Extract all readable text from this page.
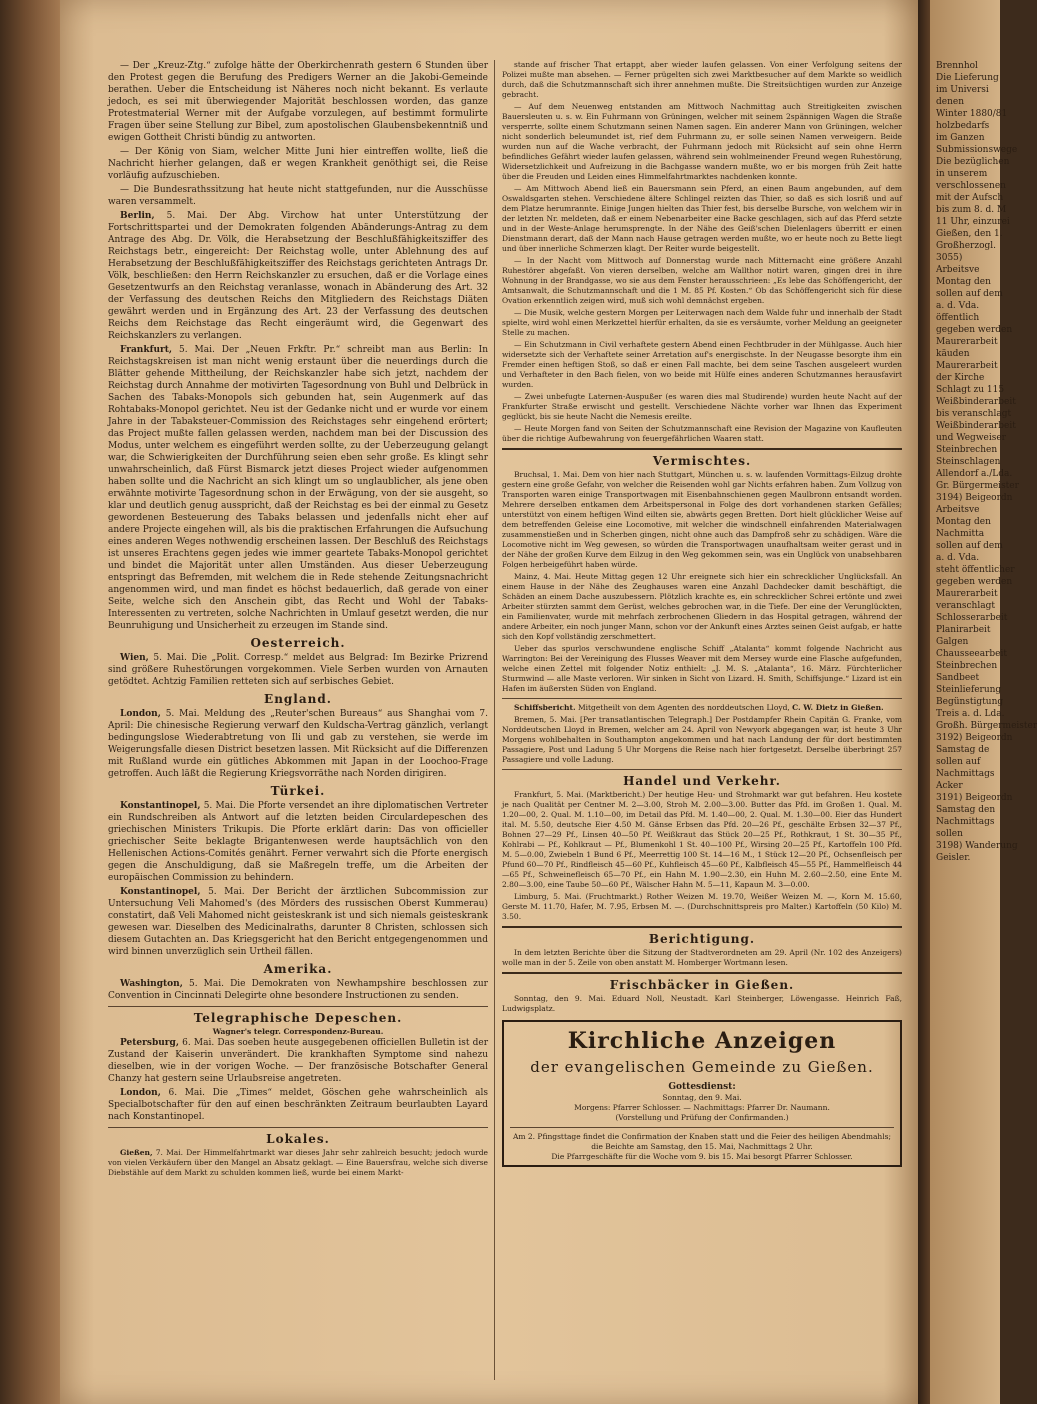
Brennhol
Die Lieferung
im Universi
denen
Winter 1880/81
holzbedarfs
im Ganzen
Submissionswege
Die bezüglichen
in unserem
verschlossenen
mit der Aufsch
bis zum 8. d. M
11 Uhr, einzurei
Gießen, den 1.
Großherzogl.
3055)
Arbeitsve
Montag den
sollen auf dem
a. d. Vda.
öffentlich
gegeben werden
Maurerarbeit
käuden
Maurerarbeit
der Kirche
Schlagt zu 115
Weißbinderarbeit
bis veranschlagt
Weißbinderarbeit
und Wegweiser
Steinbrechen
Steinschlagen
Allendorf a./Lda.
Gr. Bürgermeister
3194) Beigeordn
Arbeitsve
Montag den
Nachmitta
sollen auf dem
a. d. Vda.
steht öffentlicher
gegeben werden
Maurerarbeit
veranschlagt
Schlosserarbeit
Planirarbeit
Galgen
Chausseearbeit
Steinbrechen
Sandbeet
Steinlieferung
Begünstigtung
Treis a. d. Lda.
Großh. Bürgermeister
3192) Beigeordn
Samstag de
sollen auf
Nachmittags
Acker
3191) Beigeordn
Samstag den
Nachmittags
sollen
3198) Wanderung
Geisler.

— Der „Kreuz-Ztg.“ zufolge hätte der Oberkirchenrath gestern 6 Stunden über den Protest gegen die Berufung des Predigers Werner an die Jakobi-Gemeinde berathen. Ueber die Entscheidung ist Näheres noch nicht bekannt. Es verlaute jedoch, es sei mit überwiegender Majorität beschlossen worden, das ganze Protestmaterial Werner mit der Aufgabe vorzulegen, auf bestimmt formulirte Fragen über seine Stellung zur Bibel, zum apostolischen Glaubensbekenntniß und ewigen Gottheit Christi bündig zu antworten.

— Der König von Siam, welcher Mitte Juni hier eintreffen wollte, ließ die Nachricht hierher gelangen, daß er wegen Krankheit genöthigt sei, die Reise vorläufig aufzuschieben.

— Die Bundesrathssitzung hat heute nicht stattgefunden, nur die Ausschüsse waren versammelt.

Berlin, 5. Mai. Der Abg. Virchow hat unter Unterstützung der Fortschrittspartei und der Demokraten folgenden Abänderungs-Antrag zu dem Antrage des Abg. Dr. Völk, die Herabsetzung der Beschlußfähigkeitsziffer des Reichstags betr., eingereicht: Der Reichstag wolle, unter Ablehnung des auf Herabsetzung der Beschlußfähigkeitsziffer des Reichstags gerichteten Antrags Dr. Völk, beschließen: den Herrn Reichskanzler zu ersuchen, daß er die Vorlage eines Gesetzentwurfs an den Reichstag veranlasse, wonach in Abänderung des Art. 32 der Verfassung des deutschen Reichs den Mitgliedern des Reichstags Diäten gewährt werden und in Ergänzung des Art. 23 der Verfassung des deutschen Reichs dem Reichstage das Recht eingeräumt wird, die Gegenwart des Reichskanzlers zu verlangen.

Frankfurt, 5. Mai. Der „Neuen Frkftr. Pr.“ schreibt man aus Berlin: In Reichstagskreisen ist man nicht wenig erstaunt über die neuerdings durch die Blätter gehende Mittheilung, der Reichskanzler habe sich jetzt, nachdem der Reichstag durch Annahme der motivirten Tagesordnung von Buhl und Delbrück in Sachen des Tabaks-Monopols sich gebunden hat, sein Augenmerk auf das Rohtabaks-Monopol gerichtet. Neu ist der Gedanke nicht und er wurde vor einem Jahre in der Tabaksteuer-Commission des Reichstages sehr eingehend erörtert; das Project mußte fallen gelassen werden, nachdem man bei der Discussion des Modus, unter welchem es eingeführt werden sollte, zu der Ueberzeugung gelangt war, die Schwierigkeiten der Durchführung seien eben sehr große. Es klingt sehr unwahrscheinlich, daß Fürst Bismarck jetzt dieses Project wieder aufgenommen haben sollte und die Nachricht an sich klingt um so unglaublicher, als jene oben erwähnte motivirte Tagesordnung schon in der Erwägung, von der sie ausgeht, so klar und deutlich genug ausspricht, daß der Reichstag es bei der einmal zu Gesetz gewordenen Besteuerung des Tabaks belassen und jedenfalls nicht eher auf andere Projecte eingehen will, als bis die praktischen Erfahrungen die Aufsuchung eines anderen Weges nothwendig erscheinen lassen. Der Beschluß des Reichstags ist unseres Erachtens gegen jedes wie immer geartete Tabaks-Monopol gerichtet und bindet die Majorität unter allen Umständen. Aus dieser Ueberzeugung entspringt das Befremden, mit welchem die in Rede stehende Zeitungsnachricht angenommen wird, und man findet es höchst bedauerlich, daß gerade von einer Seite, welche sich den Anschein gibt, das Recht und Wohl der Tabaks-Interessenten zu vertreten, solche Nachrichten in Umlauf gesetzt werden, die nur Beunruhigung und Unsicherheit zu erzeugen im Stande sind.

Oesterreich.

Wien, 5. Mai. Die „Polit. Corresp.“ meldet aus Belgrad: Im Bezirke Prizrend sind größere Ruhestörungen vorgekommen. Viele Serben wurden von Arnauten getödtet. Achtzig Familien retteten sich auf serbisches Gebiet.

England.

London, 5. Mai. Meldung des „Reuter'schen Bureaus“ aus Shanghai vom 7. April: Die chinesische Regierung verwarf den Kuldscha-Vertrag gänzlich, verlangt bedingungslose Wiederabtretung von Ili und gab zu verstehen, sie werde im Weigerungsfalle diesen District besetzen lassen. Mit Rücksicht auf die Differenzen mit Rußland wurde ein gütliches Abkommen mit Japan in der Loochoo-Frage getroffen. Auch läßt die Regierung Kriegsvorräthe nach Norden dirigiren.

Türkei.

Konstantinopel, 5. Mai. Die Pforte versendet an ihre diplomatischen Vertreter ein Rundschreiben als Antwort auf die letzten beiden Circulardepeschen des griechischen Ministers Trikupis. Die Pforte erklärt darin: Das von officieller griechischer Seite beklagte Brigantenwesen werde hauptsächlich von den Hellenischen Actions-Comités genährt. Ferner verwahrt sich die Pforte energisch gegen die Anschuldigung, daß sie Maßregeln treffe, um die Arbeiten der europäischen Commission zu behindern.

Konstantinopel, 5. Mai. Der Bericht der ärztlichen Subcommission zur Untersuchung Veli Mahomed's (des Mörders des russischen Oberst Kummerau) constatirt, daß Veli Mahomed nicht geisteskrank ist und sich niemals geisteskrank gewesen war. Dieselben des Medicinalraths, darunter 8 Christen, schlossen sich diesem Gutachten an. Das Kriegsgericht hat den Bericht entgegengenommen und wird binnen unverzüglich sein Urtheil fällen.

Amerika.

Washington, 5. Mai. Die Demokraten von Newhampshire beschlossen zur Convention in Cincinnati Delegirte ohne besondere Instructionen zu senden.

Telegraphische Depeschen.
Wagner's telegr. Correspondenz-Bureau.

Petersburg, 6. Mai. Das soeben heute ausgegebenen officiellen Bulletin ist der Zustand der Kaiserin unverändert. Die krankhaften Symptome sind nahezu dieselben, wie in der vorigen Woche. — Der französische Botschafter General Chanzy hat gestern seine Urlaubsreise angetreten.

London, 6. Mai. Die „Times“ meldet, Göschen gehe wahrscheinlich als Specialbotschafter für den auf einen beschränkten Zeitraum beurlaubten Layard nach Konstantinopel.

Lokales.

Gießen, 7. Mai. Der Himmelfahrtmarkt war dieses Jahr sehr zahlreich besucht; jedoch wurde von vielen Verkäufern über den Mangel an Absatz geklagt. — Eine Bauersfrau, welche sich diverse Diebstähle auf dem Markt zu schulden kommen ließ, wurde bei einem Markt-

stande auf frischer That ertappt, aber wieder laufen gelassen. Von einer Verfolgung seitens der Polizei mußte man absehen. — Ferner prügelten sich zwei Marktbesucher auf dem Markte so weidlich durch, daß die Schutzmannschaft sich ihrer annehmen mußte. Die Streitsüchtigen wurden zur Anzeige gebracht.

— Auf dem Neuenweg entstanden am Mittwoch Nachmittag auch Streitigkeiten zwischen Bauersleuten u. s. w. Ein Fuhrmann von Grüningen, welcher mit seinem 2spännigen Wagen die Straße versperrte, sollte einem Schutzmann seinen Namen sagen. Ein anderer Mann von Grüningen, welcher nicht sonderlich beleumundet ist, rief dem Fuhrmann zu, er solle seinen Namen verweigern. Beide wurden nun auf die Wache verbracht, der Fuhrmann jedoch mit Rücksicht auf sein ohne Herrn befindliches Gefährt wieder laufen gelassen, während sein wohlmeinender Freund wegen Ruhestörung, Widersetzlichkeit und Aufreizung in die Bachgasse wandern mußte, wo er bis morgen früh Zeit hatte über die Freuden und Leiden eines Himmelfahrtmarktes nachdenken konnte.

— Am Mittwoch Abend ließ ein Bauersmann sein Pferd, an einen Baum angebunden, auf dem Oswaldsgarten stehen. Verschiedene ältere Schlingel reizten das Thier, so daß es sich losriß und auf dem Platze herumrannte. Einige Jungen hielten das Thier fest, bis derselbe Bursche, von welchem wir in der letzten Nr. meldeten, daß er einem Nebenarbeiter eine Backe geschlagen, sich auf das Pferd setzte und in der Weste-Anlage herumsprengte. In der Nähe des Geiß'schen Dielenlagers überritt er einen Dienstmann derart, daß der Mann nach Hause getragen werden mußte, wo er heute noch zu Bette liegt und über innerliche Schmerzen klagt. Der Reiter wurde beigestellt.

— In der Nacht vom Mittwoch auf Donnerstag wurde nach Mitternacht eine größere Anzahl Ruhestörer abgefaßt. Von vieren derselben, welche am Wallthor notirt waren, gingen drei in ihre Wohnung in der Brandgasse, wo sie aus dem Fenster herausschrieen: „Es lebe das Schöffengericht, der Amtsanwalt, die Schutzmannschaft und die 1 M. 85 Pf. Kosten.“ Ob das Schöffengericht sich für diese Ovation erkenntlich zeigen wird, muß sich wohl demnächst ergeben.

— Die Musik, welche gestern Morgen per Leiterwagen nach dem Walde fuhr und innerhalb der Stadt spielte, wird wohl einen Merkzettel hierfür erhalten, da sie es versäumte, vorher Meldung an geeigneter Stelle zu machen.

— Ein Schutzmann in Civil verhaftete gestern Abend einen Fechtbruder in der Mühlgasse. Auch hier widersetzte sich der Verhaftete seiner Arretation auf's energischste. In der Neugasse besorgte ihm ein Fremder einen heftigen Stoß, so daß er einen Fall machte, bei dem seine Taschen ausgeleert wurden und Verhafteter in den Bach fielen, von wo beide mit Hülfe eines anderen Schutzmannes herausfavirt wurden.

— Zwei unbefugte Laternen-Auspußer (es waren dies mal Studirende) wurden heute Nacht auf der Frankfurter Straße erwischt und gestellt. Verschiedene Nächte vorher war Ihnen das Experiment geglückt, bis sie heute Nacht die Nemesis ereilte.

— Heute Morgen fand von Seiten der Schutzmannschaft eine Revision der Magazine von Kaufleuten über die richtige Aufbewahrung von feuergefährlichen Waaren statt.

Vermischtes.

Bruchsal, 1. Mai. Dem von hier nach Stuttgart, München u. s. w. laufenden Vormittags-Eilzug drohte gestern eine große Gefahr, von welcher die Reisenden wohl gar Nichts erfahren haben. Zum Vollzug von Transporten waren einige Transportwagen mit Eisenbahnschienen gegen Maulbronn entsandt worden. Mehrere derselben entkamen dem Arbeitspersonal in Folge des dort vorhandenen starken Gefälles; unterstützt von einem heftigen Wind eilten sie, abwärts gegen Bretten. Dort hielt glücklicher Weise auf dem betreffenden Geleise eine Locomotive, mit welcher die windschnell einfahrenden Materialwagen zusammenstießen und in Scherben gingen, nicht ohne auch das Dampfroß sehr zu schädigen. Wäre die Locomotive nicht im Weg gewesen, so würden die Transportwagen unaufhaltsam weiter gerast und in der Nähe der großen Kurve dem Eilzug in den Weg gekommen sein, was ein Unglück von unabsehbaren Folgen herbeigeführt haben würde.

Mainz, 4. Mai. Heute Mittag gegen 12 Uhr ereignete sich hier ein schrecklicher Unglücksfall. An einem Hause in der Nähe des Zeughauses waren eine Anzahl Dachdecker damit beschäftigt, die Schäden an einem Dache auszubessern. Plötzlich krachte es, ein schrecklicher Schrei ertönte und zwei Arbeiter stürzten sammt dem Gerüst, welches gebrochen war, in die Tiefe. Der eine der Verunglückten, ein Familienvater, wurde mit mehrfach zerbrochenen Gliedern in das Hospital getragen, während der andere Arbeiter, ein noch junger Mann, schon vor der Ankunft eines Arztes seinen Geist aufgab, er hatte sich den Kopf vollständig zerschmettert.

Ueber das spurlos verschwundene englische Schiff „Atalanta“ kommt folgende Nachricht aus Warrington: Bei der Vereinigung des Flusses Weaver mit dem Mersey wurde eine Flasche aufgefunden, welche einen Zettel mit folgender Notiz enthielt: „J. M. S. „Atalanta“, 16. März. Fürchterlicher Sturmwind — alle Maste verloren. Wir sinken in Sicht von Lizard. H. Smith, Schiffsjunge.“ Lizard ist ein Hafen im äußersten Süden von England.

Schiffsbericht. Mitgetheilt von dem Agenten des norddeutschen Lloyd, C. W. Dietz in Gießen.

Bremen, 5. Mai. [Per transatlantischen Telegraph.] Der Postdampfer Rhein Capitän G. Franke, vom Norddeutschen Lloyd in Bremen, welcher am 24. April von Newyork abgegangen war, ist heute 3 Uhr Morgens wohlbehalten in Southampton angekommen und hat nach Landung der für dort bestimmten Passagiere, Post und Ladung 5 Uhr Morgens die Reise nach hier fortgesetzt. Derselbe überbringt 257 Passagiere und volle Ladung.

Handel und Verkehr.

Frankfurt, 5. Mai. (Marktbericht.) Der heutige Heu- und Strohmarkt war gut befahren. Heu kostete je nach Qualität per Centner M. 2—3.00, Stroh M. 2.00—3.00. Butter das Pfd. im Großen 1. Qual. M. 1.20—00, 2. Qual. M. 1.10—00, im Detail das Pfd. M. 1.40—00, 2. Qual. M. 1.30—00. Eier das Hundert ital. M. 5.50, deutsche Eier 4.50 M. Gänse Erbsen das Pfd. 20—26 Pf., geschälte Erbsen 32—37 Pf., Bohnen 27—29 Pf., Linsen 40—50 Pf. Weißkraut das Stück 20—25 Pf., Rothkraut, 1 St. 30—35 Pf., Kohlrabi — Pf., Kohlkraut — Pf., Blumenkohl 1 St. 40—100 Pf., Wirsing 20—25 Pf., Kartoffeln 100 Pfd. M. 5—0.00, Zwiebeln 1 Bund 6 Pf., Meerrettig 100 St. 14—16 M., 1 Stück 12—20 Pf., Ochsenfleisch per Pfund 60—70 Pf., Rindfleisch 45—60 Pf., Kuhfleisch 45—60 Pf., Kalbfleisch 45—55 Pf., Hammelfleisch 44—65 Pf., Schweinefleisch 65—70 Pf., ein Hahn M. 1.90—2.30, ein Huhn M. 2.60—2.50, eine Ente M. 2.80—3.00, eine Taube 50—60 Pf., Wälscher Hahn M. 5—11, Kapaun M. 3—0.00.

Limburg, 5. Mai. (Fruchtmarkt.) Rother Weizen M. 19.70, Weißer Weizen M. —, Korn M. 15.60, Gerste M. 11.70, Hafer, M. 7.95, Erbsen M. —. (Durchschnittspreis pro Malter.) Kartoffeln (50 Kilo) M. 3.50.

Berichtigung.

In dem letzten Berichte über die Sitzung der Stadtverordneten am 29. April (Nr. 102 des Anzeigers) wolle man in der 5. Zeile von oben anstatt M. Homberger Wortmann lesen.

Frischbäcker in Gießen.

Sonntag, den 9. Mai. Eduard Noll, Neustadt. Karl Steinberger, Löwengasse. Heinrich Faß, Ludwigsplatz.

Kirchliche Anzeigen
der evangelischen Gemeinde zu Gießen.
Gottesdienst:
Sonntag, den 9. Mai.
Morgens: Pfarrer Schlosser. — Nachmittags: Pfarrer Dr. Naumann.
(Vorstellung und Prüfung der Confirmanden.)
Am 2. Pfingsttage findet die Confirmation der Knaben statt und die Feier des heiligen Abendmahls; die Beichte am Samstag, den 15. Mai, Nachmittags 2 Uhr.
Die Pfarrgeschäfte für die Woche vom 9. bis 15. Mai besorgt Pfarrer Schlosser.
